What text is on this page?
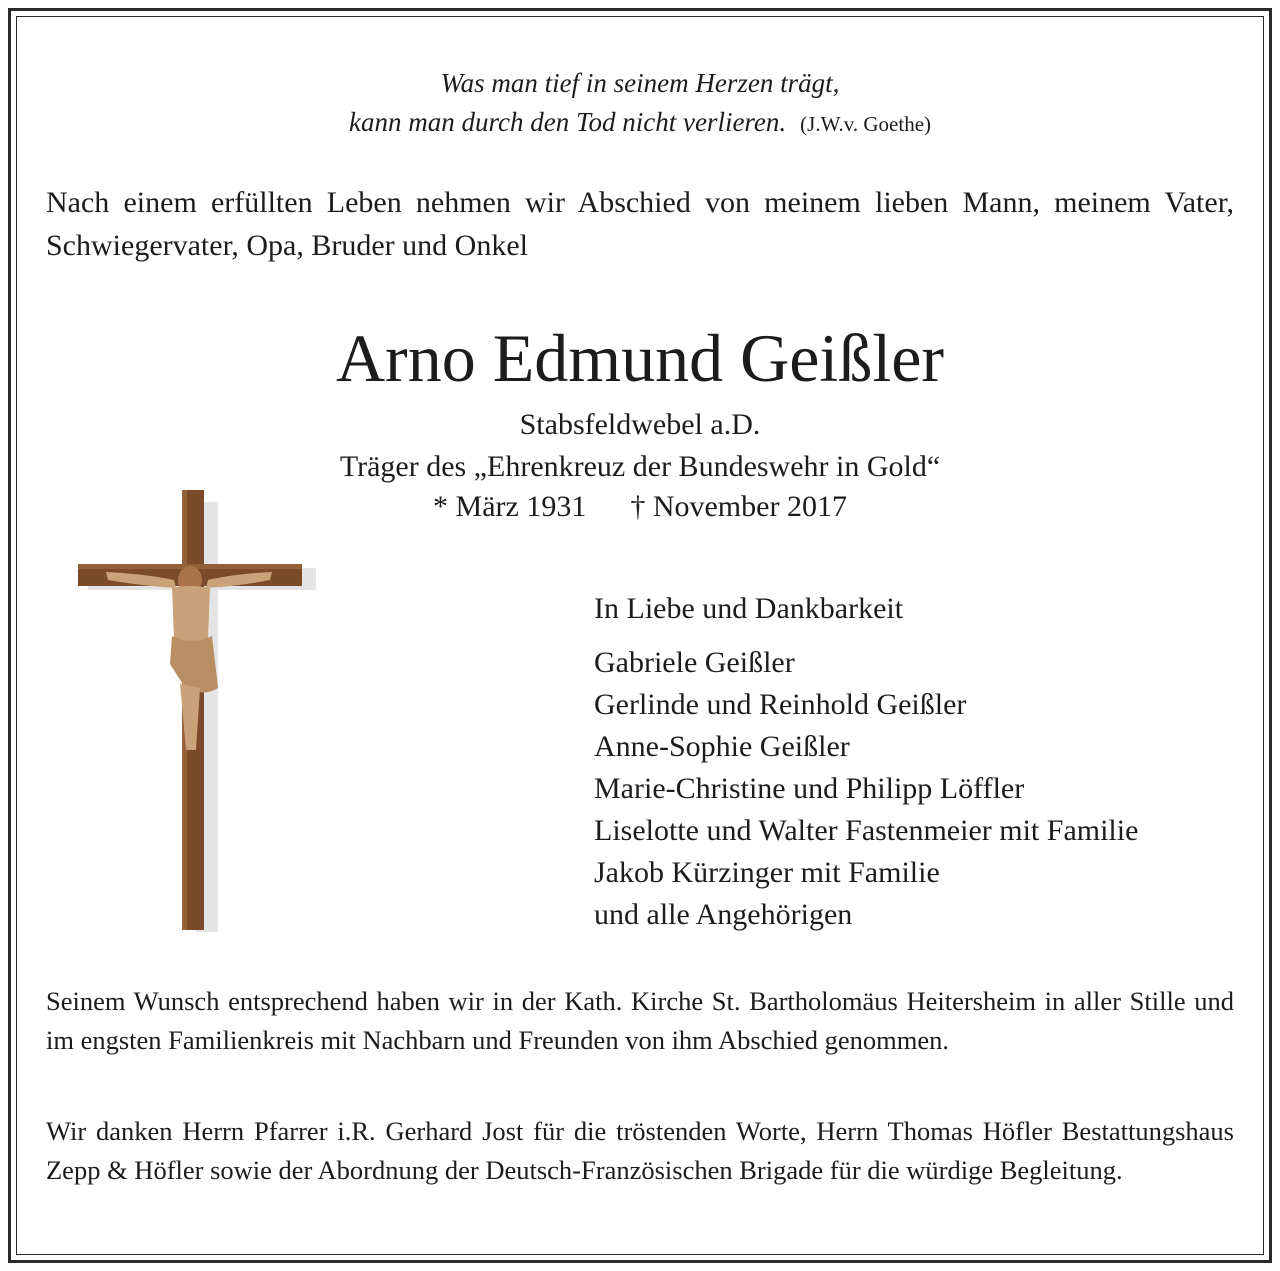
Was man tief in seinem Herzen trägt,
kann man durch den Tod nicht verlieren. (J.W.v. Goethe)
Nach einem erfüllten Leben nehmen wir Abschied von meinem lieben Mann, meinem Vater, Schwiegervater, Opa, Bruder und Onkel
Arno Edmund Geißler
Stabsfeldwebel a.D.
Träger des „Ehrenkreuz der Bundeswehr in Gold“
* März 1931 † November 2017
In Liebe und Dankbarkeit
Gabriele Geißler
Gerlinde und Reinhold Geißler
Anne-Sophie Geißler
Marie-Christine und Philipp Löffler
Liselotte und Walter Fastenmeier mit Familie
Jakob Kürzinger mit Familie
und alle Angehörigen
Seinem Wunsch entsprechend haben wir in der Kath. Kirche St. Bartholomäus Heitersheim in aller Stille und im engsten Familienkreis mit Nachbarn und Freunden von ihm Abschied genommen.
Wir danken Herrn Pfarrer i.R. Gerhard Jost für die tröstenden Worte, Herrn Thomas Höfler Bestattungshaus Zepp & Höfler sowie der Abordnung der Deutsch-Französischen Brigade für die würdige Begleitung.
